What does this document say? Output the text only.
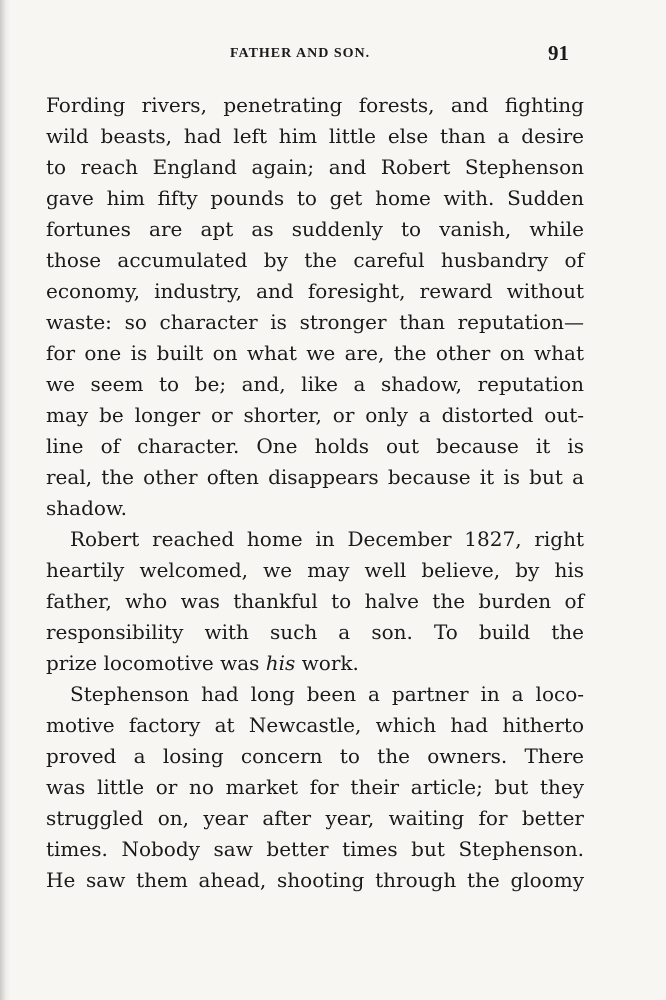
FATHER AND SON.	91
Fording rivers, penetrating forests, and fighting
wild beasts, had left him little else than a desire
to reach England again; and Robert Stephenson
gave him fifty pounds to get home with. Sudden
fortunes are apt as suddenly to vanish, while
those accumulated by the careful husbandry of
economy, industry, and foresight, reward without
waste: so character is stronger than reputation—
for one is built on what we are, the other on what
we seem to be; and, like a shadow, reputation
may be longer or shorter, or only a distorted out-
line of character. One holds out because it is
real, the other often disappears because it is but a
shadow.
Robert reached home in December 1827, right
heartily welcomed, we may well believe, by his
father, who was thankful to halve the burden of
responsibility with such a son. To build the
prize locomotive was his work.
Stephenson had long been a partner in a loco-
motive factory at Newcastle, which had hitherto
proved a losing concern to the owners. There
was little or no market for their article; but they
struggled on, year after year, waiting for better
times. Nobody saw better times but Stephenson.
He saw them ahead, shooting through the gloomy
